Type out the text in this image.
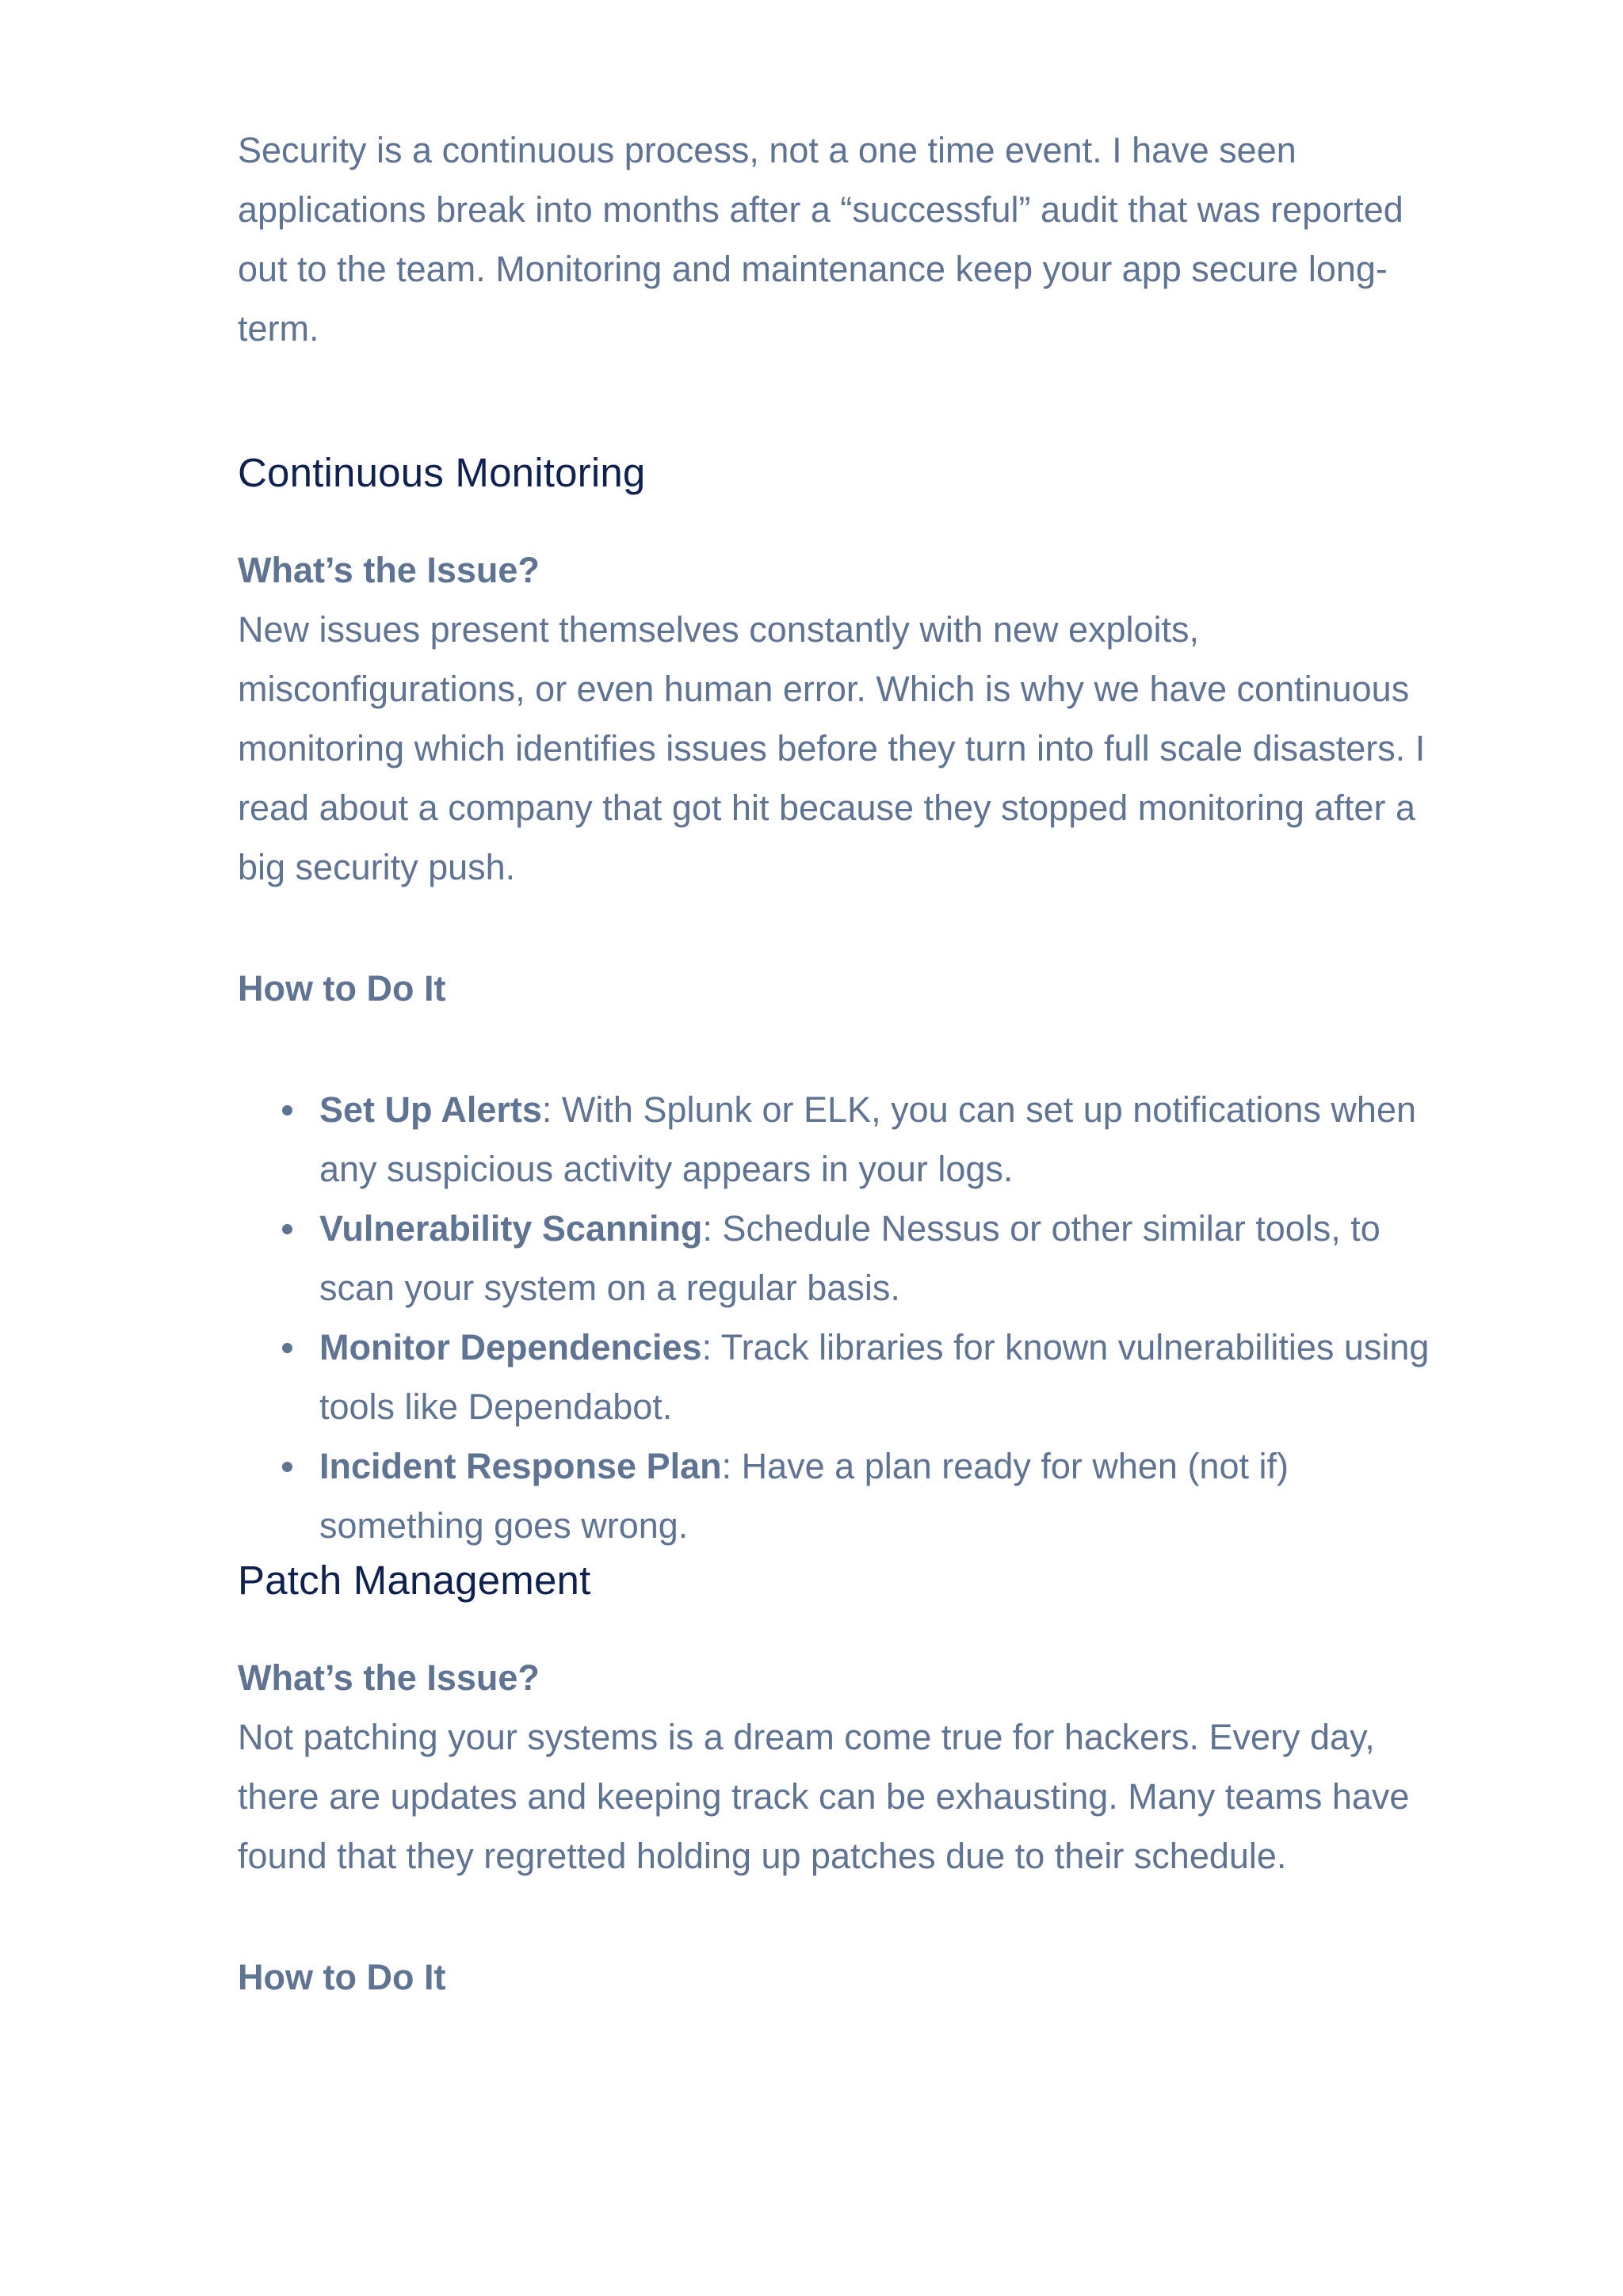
Security is a continuous process, not a one time event. I have seen applications break into months after a “successful” audit that was reported out to the team. Monitoring and maintenance keep your app secure long-term.

Continuous Monitoring
What’s the Issue?

New issues present themselves constantly with new exploits, misconfigurations, or even human error. Which is why we have continuous monitoring which identifies issues before they turn into full scale disasters. I read about a company that got hit because they stopped monitoring after a big security push.

How to Do It
Set Up Alerts: With Splunk or ELK, you can set up notifications when any suspicious activity appears in your logs.
Vulnerability Scanning: Schedule Nessus or other similar tools, to scan your system on a regular basis.
Monitor Dependencies: Track libraries for known vulnerabilities using tools like Dependabot.
Incident Response Plan: Have a plan ready for when (not if) something goes wrong.
Patch Management
What’s the Issue?

Not patching your systems is a dream come true for hackers. Every day, there are updates and keeping track can be exhausting. Many teams have found that they regretted holding up patches due to their schedule.

How to Do It
